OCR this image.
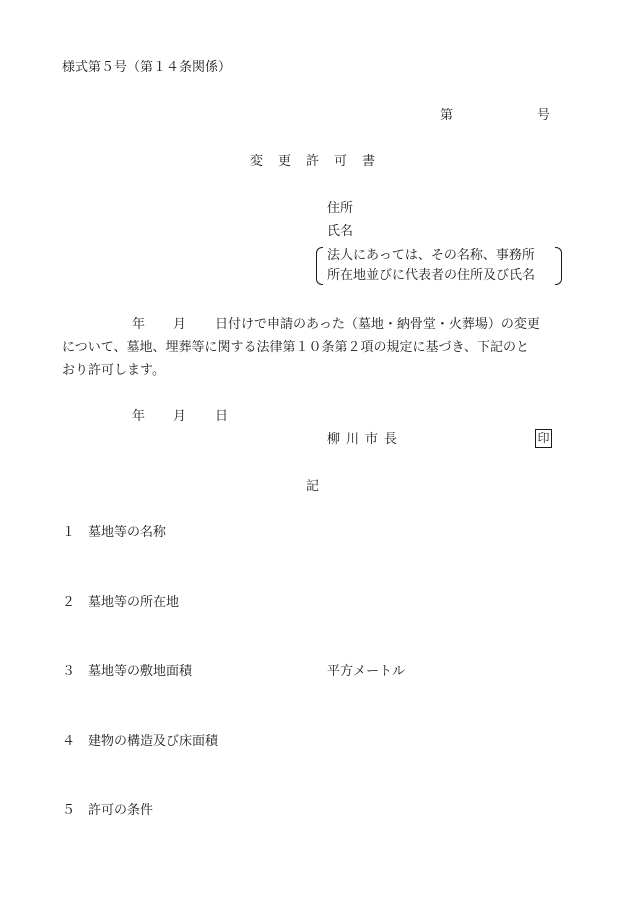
様式第５号（第１４条関係）
第	号
変 更 許 可 書
住所
氏名
法人にあっては、その名称、事務所
所在地並びに代表者の住所及び氏名
年 月 日付けで申請のあった（墓地・納骨堂・火葬場）の変更
について、墓地、埋葬等に関する法律第１０条第２項の規定に基づき、下記のと
おり許可します。
年 月 日
柳 川 市 長	印
記
１ 墓地等の名称
２ 墓地等の所在地
３ 墓地等の敷地面積	平方メートル
４ 建物の構造及び床面積
５ 許可の条件
